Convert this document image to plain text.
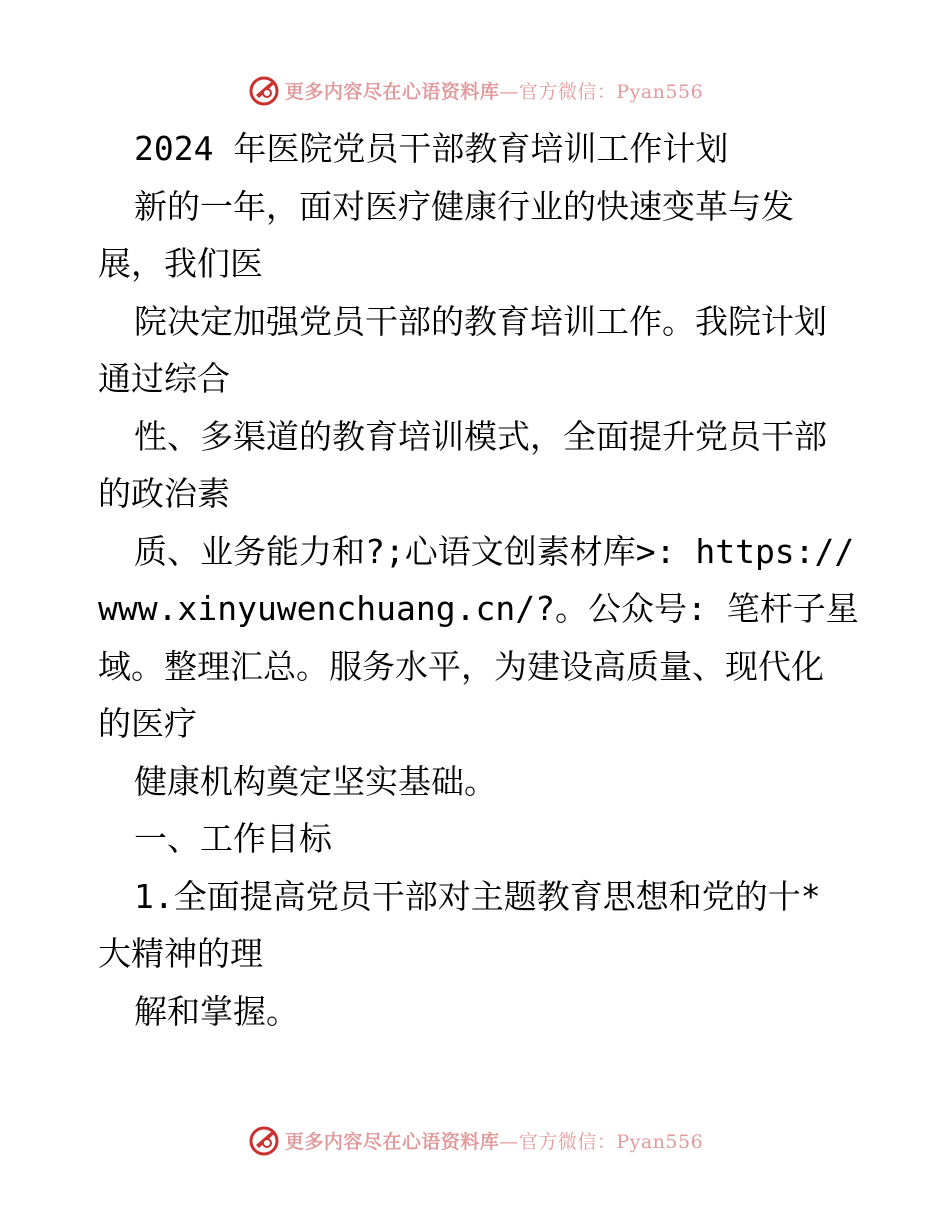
更多内容尽在心语资料库—官方微信：Pyan556
2024 年医院党员干部教育培训工作计划
新的一年，面对医疗健康行业的快速变革与发
展，我们医
院决定加强党员干部的教育培训工作。我院计划
通过综合
性、多渠道的教育培训模式，全面提升党员干部
的政治素
质、业务能力和?;心语文创素材库>: https://
www.xinyuwenchuang.cn/?。公众号: 笔杆子星
域。整理汇总。服务水平，为建设高质量、现代化
的医疗
健康机构奠定坚实基础。
一、工作目标
1.全面提高党员干部对主题教育思想和党的十*
大精神的理
解和掌握。
更多内容尽在心语资料库—官方微信：Pyan556
